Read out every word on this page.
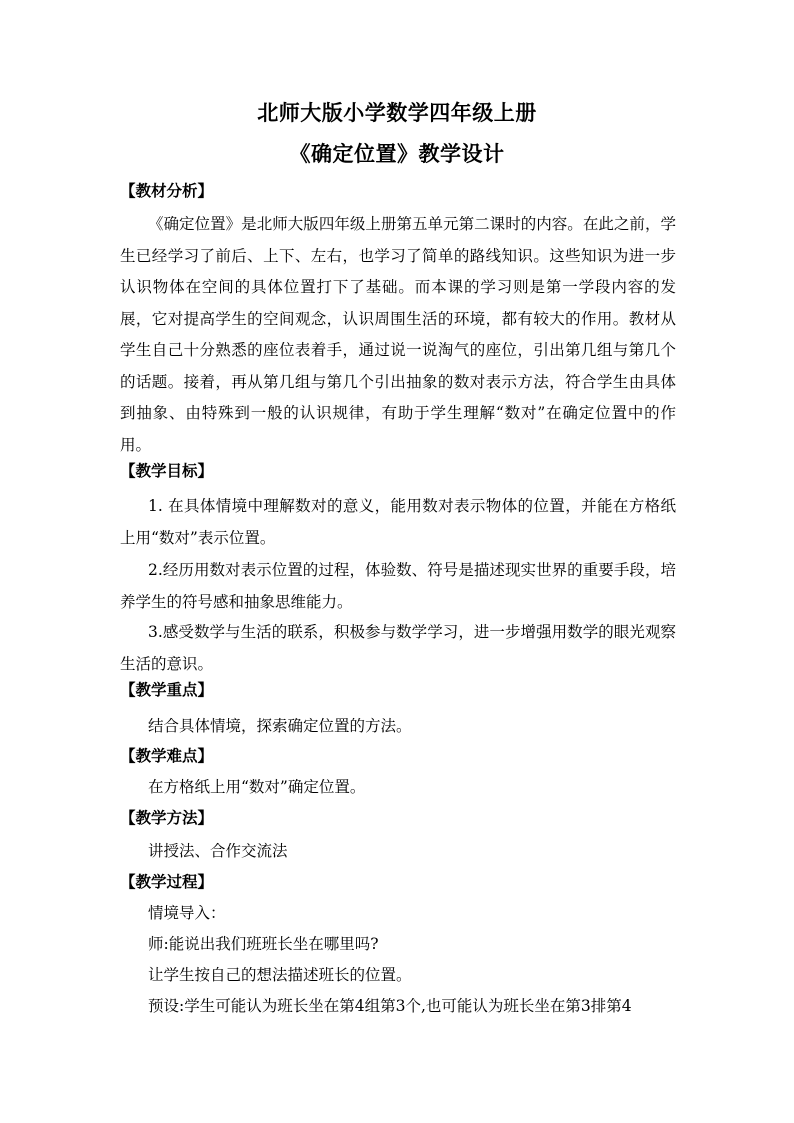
北师大版小学数学四年级上册
《确定位置》教学设计
【教材分析】

《确定位置》是北师大版四年级上册第五单元第二课时的内容。在此之前，学生已经学习了前后、上下、左右，也学习了简单的路线知识。这些知识为进一步认识物体在空间的具体位置打下了基础。而本课的学习则是第一学段内容的发展，它对提高学生的空间观念，认识周围生活的环境，都有较大的作用。教材从学生自己十分熟悉的座位表着手，通过说一说淘气的座位，引出第几组与第几个的话题。接着，再从第几组与第几个引出抽象的数对表示方法，符合学生由具体到抽象、由特殊到一般的认识规律，有助于学生理解“数对”在确定位置中的作用。

【教学目标】

1. 在具体情境中理解数对的意义，能用数对表示物体的位置，并能在方格纸上用“数对”表示位置。

2.经历用数对表示位置的过程，体验数、符号是描述现实世界的重要手段，培养学生的符号感和抽象思维能力。

3.感受数学与生活的联系，积极参与数学学习，进一步增强用数学的眼光观察生活的意识。

【教学重点】
结合具体情境，探索确定位置的方法。
【教学难点】
在方格纸上用“数对”确定位置。
【教学方法】
讲授法、合作交流法
【教学过程】
情境导入：
师:能说出我们班班长坐在哪里吗?
让学生按自己的想法描述班长的位置。
预设:学生可能认为班长坐在第4组第3个,也可能认为班长坐在第3排第4
